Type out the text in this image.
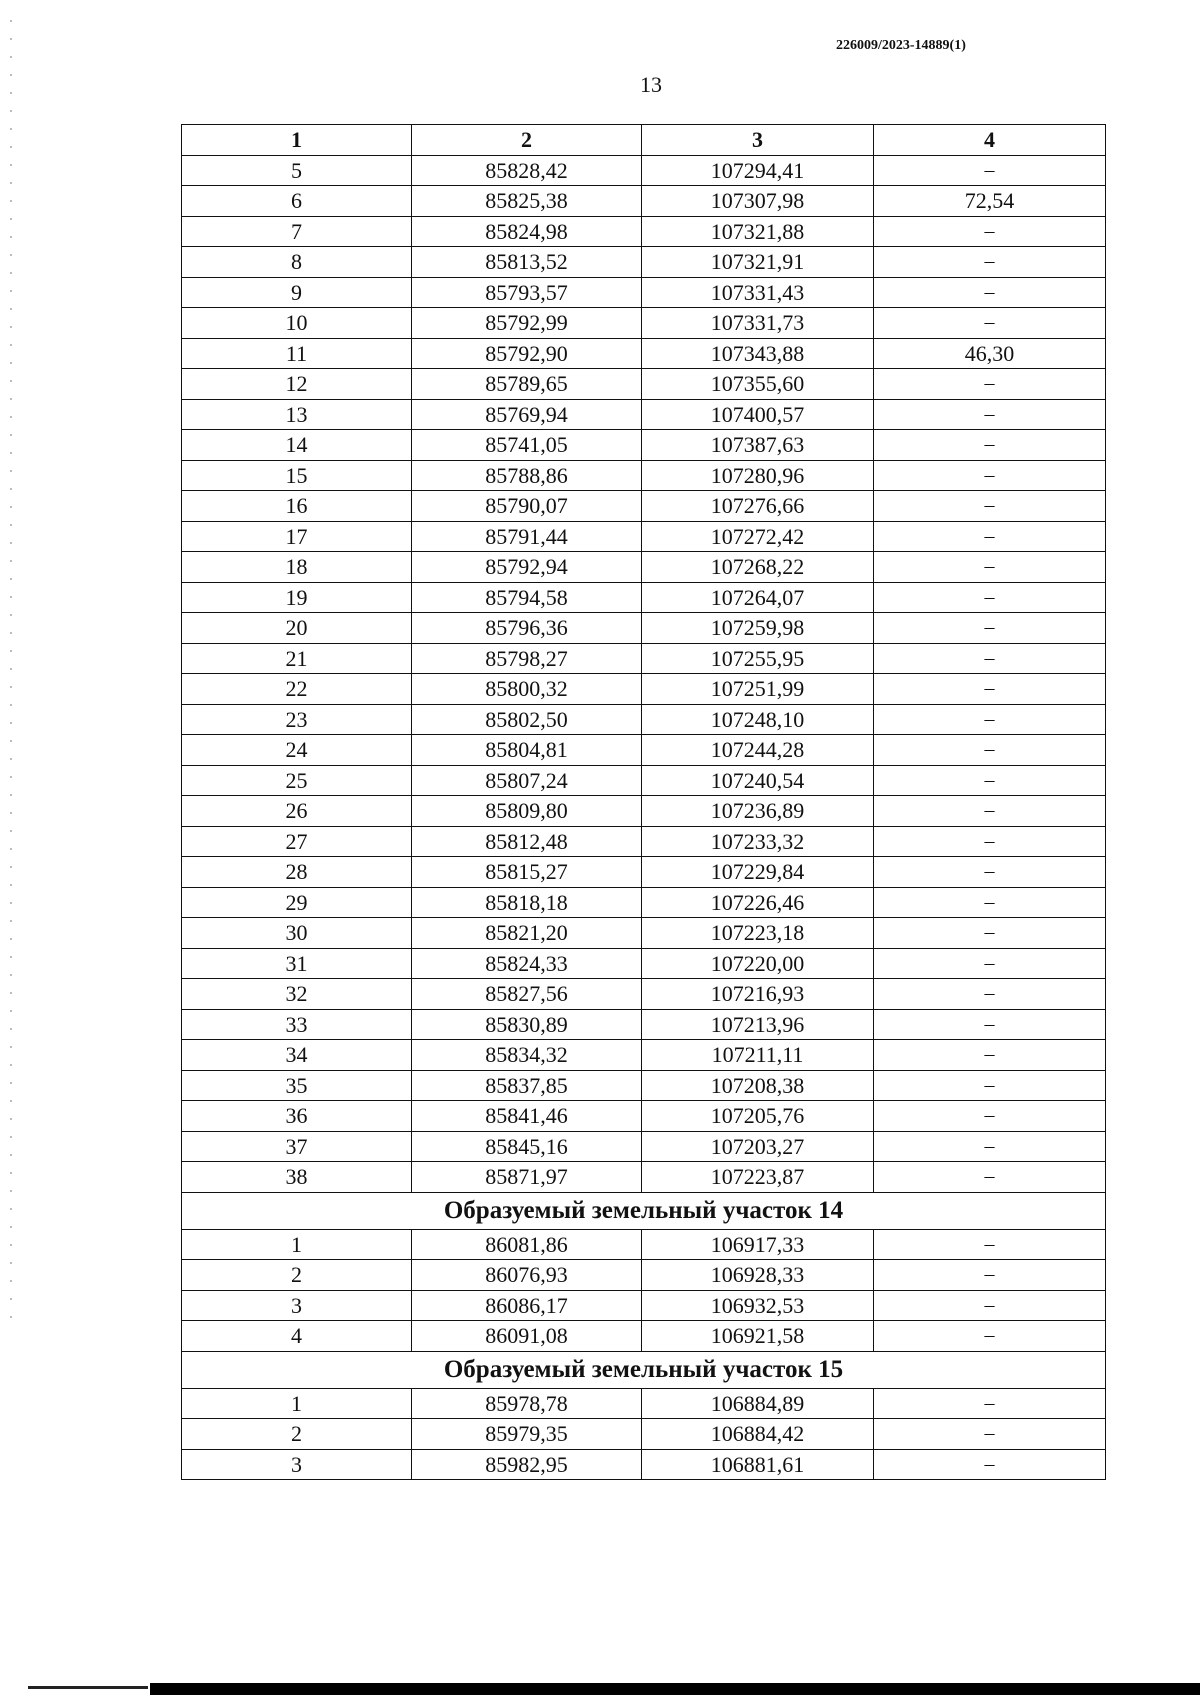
226009/2023-14889(1)
13
1	2	3	4
5	85828,42	107294,41	–
6	85825,38	107307,98	72,54
7	85824,98	107321,88	–
8	85813,52	107321,91	–
9	85793,57	107331,43	–
10	85792,99	107331,73	–
11	85792,90	107343,88	46,30
12	85789,65	107355,60	–
13	85769,94	107400,57	–
14	85741,05	107387,63	–
15	85788,86	107280,96	–
16	85790,07	107276,66	–
17	85791,44	107272,42	–
18	85792,94	107268,22	–
19	85794,58	107264,07	–
20	85796,36	107259,98	–
21	85798,27	107255,95	–
22	85800,32	107251,99	–
23	85802,50	107248,10	–
24	85804,81	107244,28	–
25	85807,24	107240,54	–
26	85809,80	107236,89	–
27	85812,48	107233,32	–
28	85815,27	107229,84	–
29	85818,18	107226,46	–
30	85821,20	107223,18	–
31	85824,33	107220,00	–
32	85827,56	107216,93	–
33	85830,89	107213,96	–
34	85834,32	107211,11	–
35	85837,85	107208,38	–
36	85841,46	107205,76	–
37	85845,16	107203,27	–
38	85871,97	107223,87	–
Образуемый земельный участок 14			
1	86081,86	106917,33	–
2	86076,93	106928,33	–
3	86086,17	106932,53	–
4	86091,08	106921,58	–
Образуемый земельный участок 15			
1	85978,78	106884,89	–
2	85979,35	106884,42	–
3	85982,95	106881,61	–
